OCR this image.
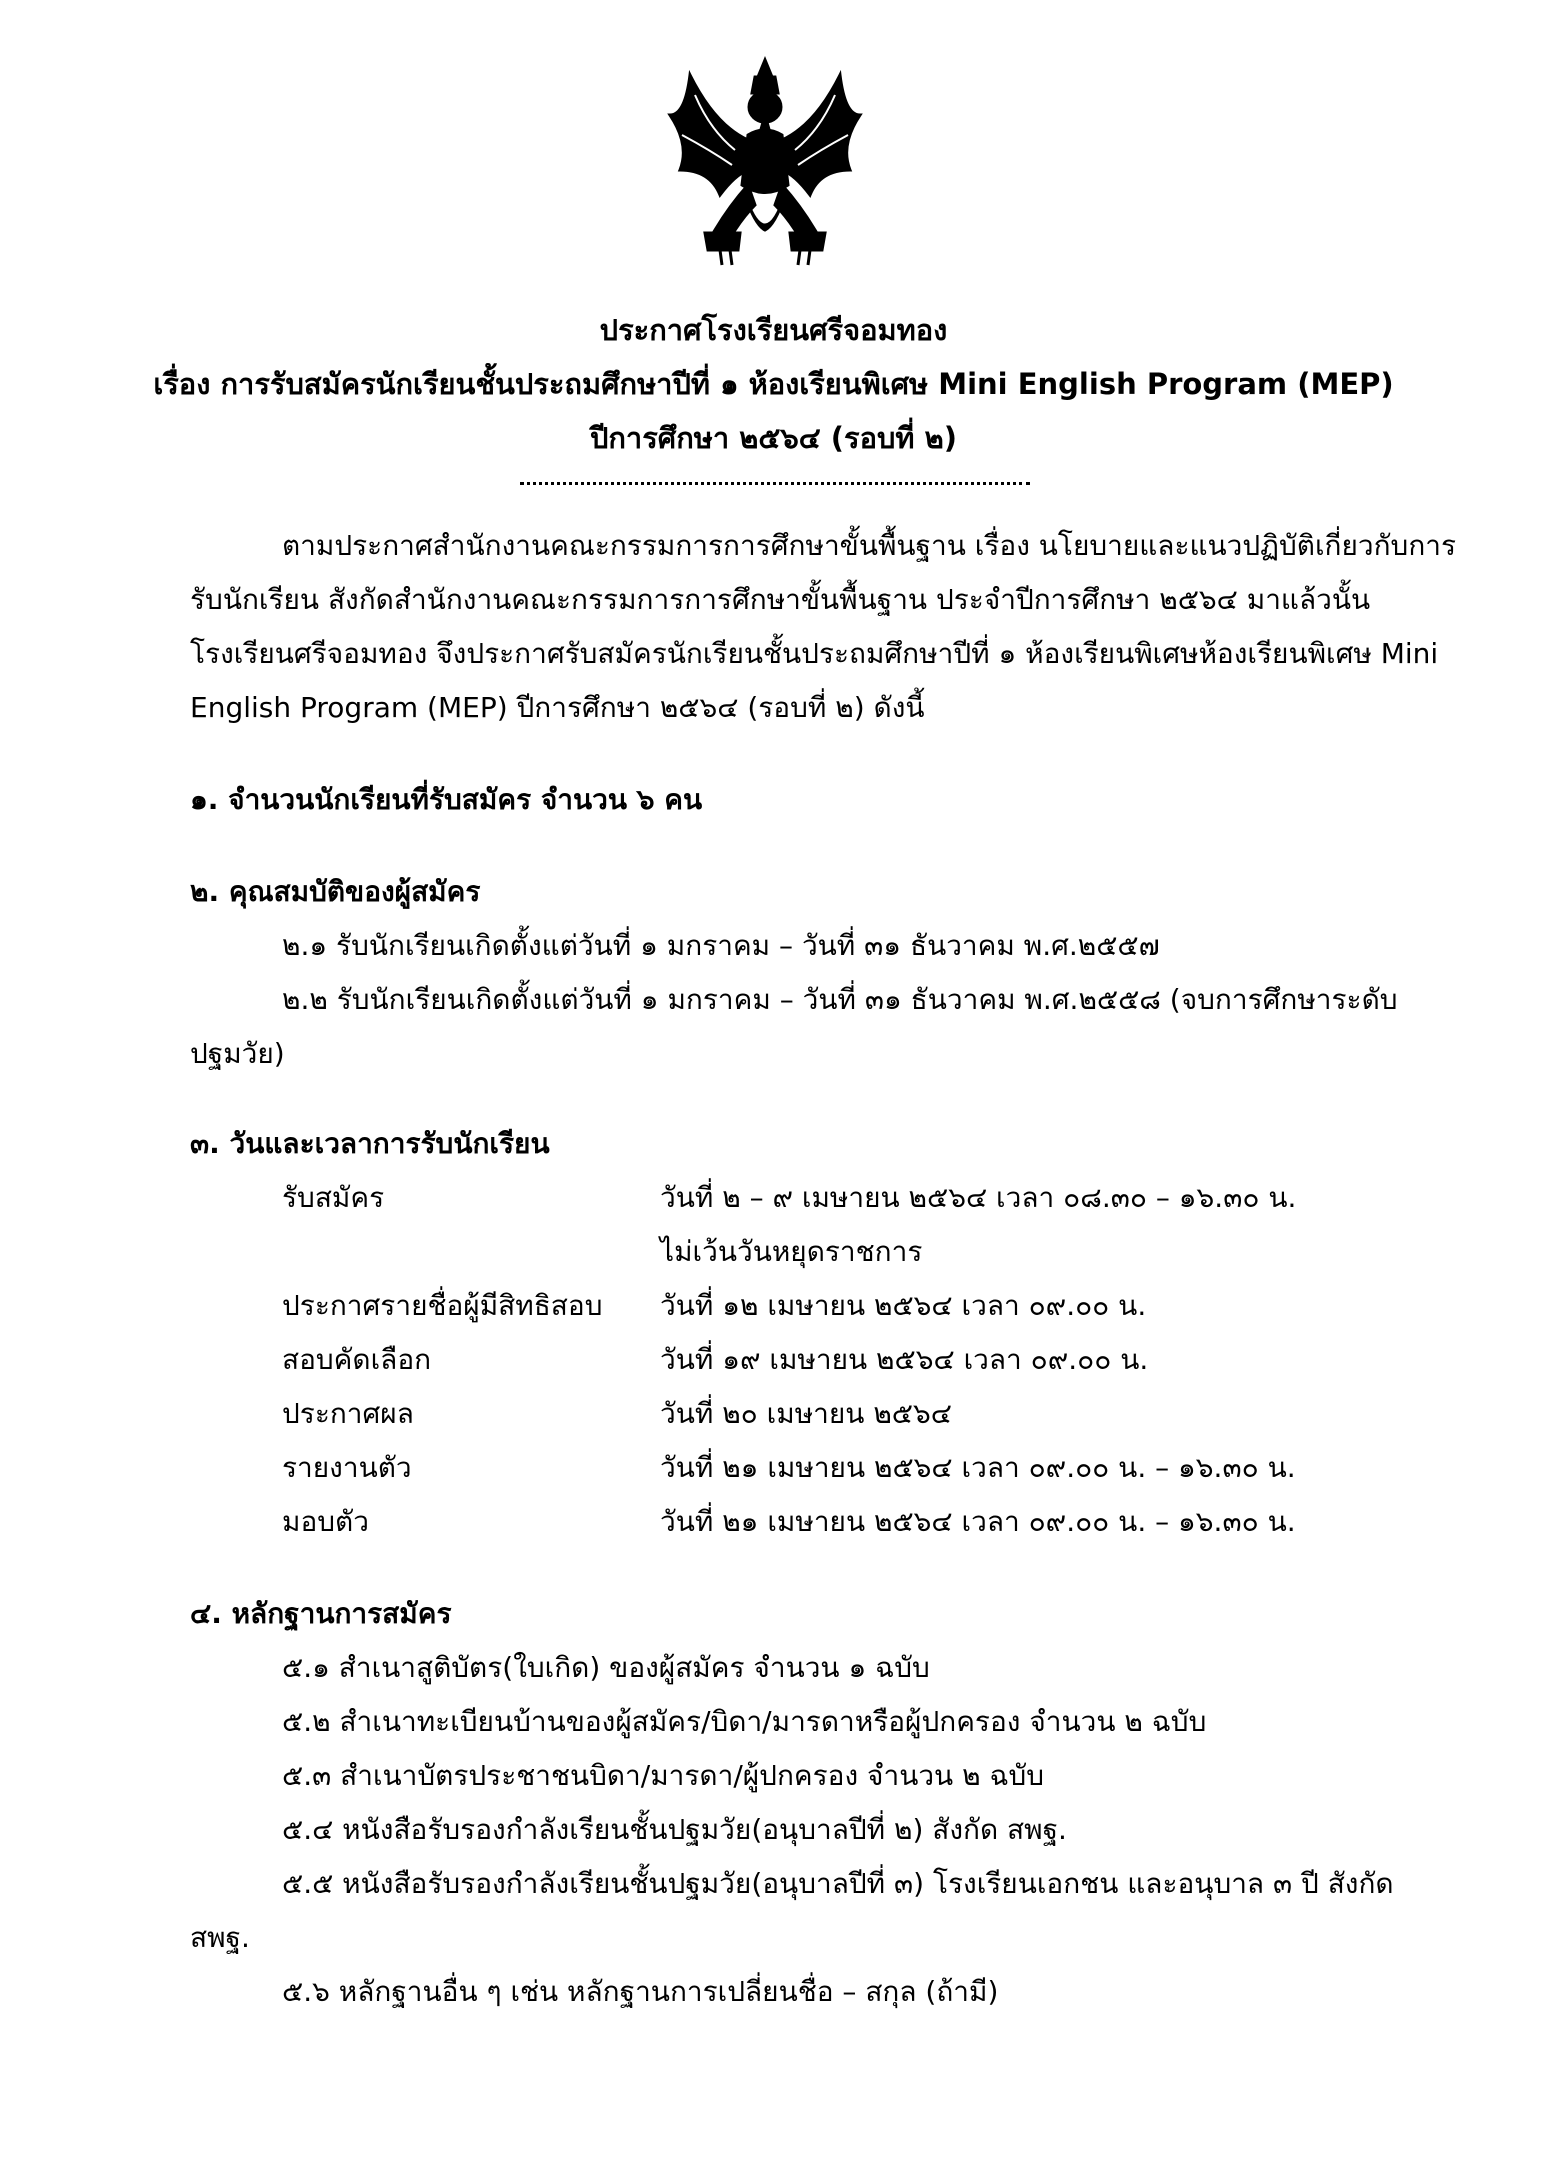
ประกาศโรงเรียนศรีจอมทอง
เรื่อง การรับสมัครนักเรียนชั้นประถมศึกษาปีที่ ๑ ห้องเรียนพิเศษ Mini English Program (MEP)
ปีการศึกษา ๒๕๖๔ (รอบที่ ๒)
ตามประกาศสำนักงานคณะกรรมการการศึกษาขั้นพื้นฐาน เรื่อง นโยบายและแนวปฏิบัติเกี่ยวกับการ
รับนักเรียน สังกัดสำนักงานคณะกรรมการการศึกษาขั้นพื้นฐาน ประจำปีการศึกษา ๒๕๖๔ มาแล้วนั้น
โรงเรียนศรีจอมทอง จึงประกาศรับสมัครนักเรียนชั้นประถมศึกษาปีที่ ๑ ห้องเรียนพิเศษห้องเรียนพิเศษ Mini
English Program (MEP) ปีการศึกษา ๒๕๖๔ (รอบที่ ๒) ดังนี้
๑. จำนวนนักเรียนที่รับสมัคร จำนวน ๖ คน
๒. คุณสมบัติของผู้สมัคร
๒.๑ รับนักเรียนเกิดตั้งแต่วันที่ ๑ มกราคม – วันที่ ๓๑ ธันวาคม พ.ศ.๒๕๕๗
๒.๒ รับนักเรียนเกิดตั้งแต่วันที่ ๑ มกราคม – วันที่ ๓๑ ธันวาคม พ.ศ.๒๕๕๘ (จบการศึกษาระดับ
ปฐมวัย)
๓. วันและเวลาการรับนักเรียน
รับสมัคร	วันที่ ๒ – ๙ เมษายน ๒๕๖๔ เวลา ๐๘.๓๐ – ๑๖.๓๐ น.
ไม่เว้นวันหยุดราชการ
ประกาศรายชื่อผู้มีสิทธิสอบ วันที่ ๑๒ เมษายน ๒๕๖๔ เวลา ๐๙.๐๐ น.
สอบคัดเลือก	วันที่ ๑๙ เมษายน ๒๕๖๔ เวลา ๐๙.๐๐ น.
ประกาศผล	วันที่ ๒๐ เมษายน ๒๕๖๔
รายงานตัว	วันที่ ๒๑ เมษายน ๒๕๖๔ เวลา ๐๙.๐๐ น. – ๑๖.๓๐ น.
มอบตัว	วันที่ ๒๑ เมษายน ๒๕๖๔ เวลา ๐๙.๐๐ น. – ๑๖.๓๐ น.
๔. หลักฐานการสมัคร
๕.๑ สำเนาสูติบัตร(ใบเกิด) ของผู้สมัคร จำนวน ๑ ฉบับ
๕.๒ สำเนาทะเบียนบ้านของผู้สมัคร/บิดา/มารดาหรือผู้ปกครอง จำนวน ๒ ฉบับ
๕.๓ สำเนาบัตรประชาชนบิดา/มารดา/ผู้ปกครอง จำนวน ๒ ฉบับ
๕.๔ หนังสือรับรองกำลังเรียนชั้นปฐมวัย(อนุบาลปีที่ ๒) สังกัด สพฐ.
๕.๕ หนังสือรับรองกำลังเรียนชั้นปฐมวัย(อนุบาลปีที่ ๓) โรงเรียนเอกชน และอนุบาล ๓ ปี สังกัด
สพฐ.
๕.๖ หลักฐานอื่น ๆ เช่น หลักฐานการเปลี่ยนชื่อ – สกุล (ถ้ามี)
